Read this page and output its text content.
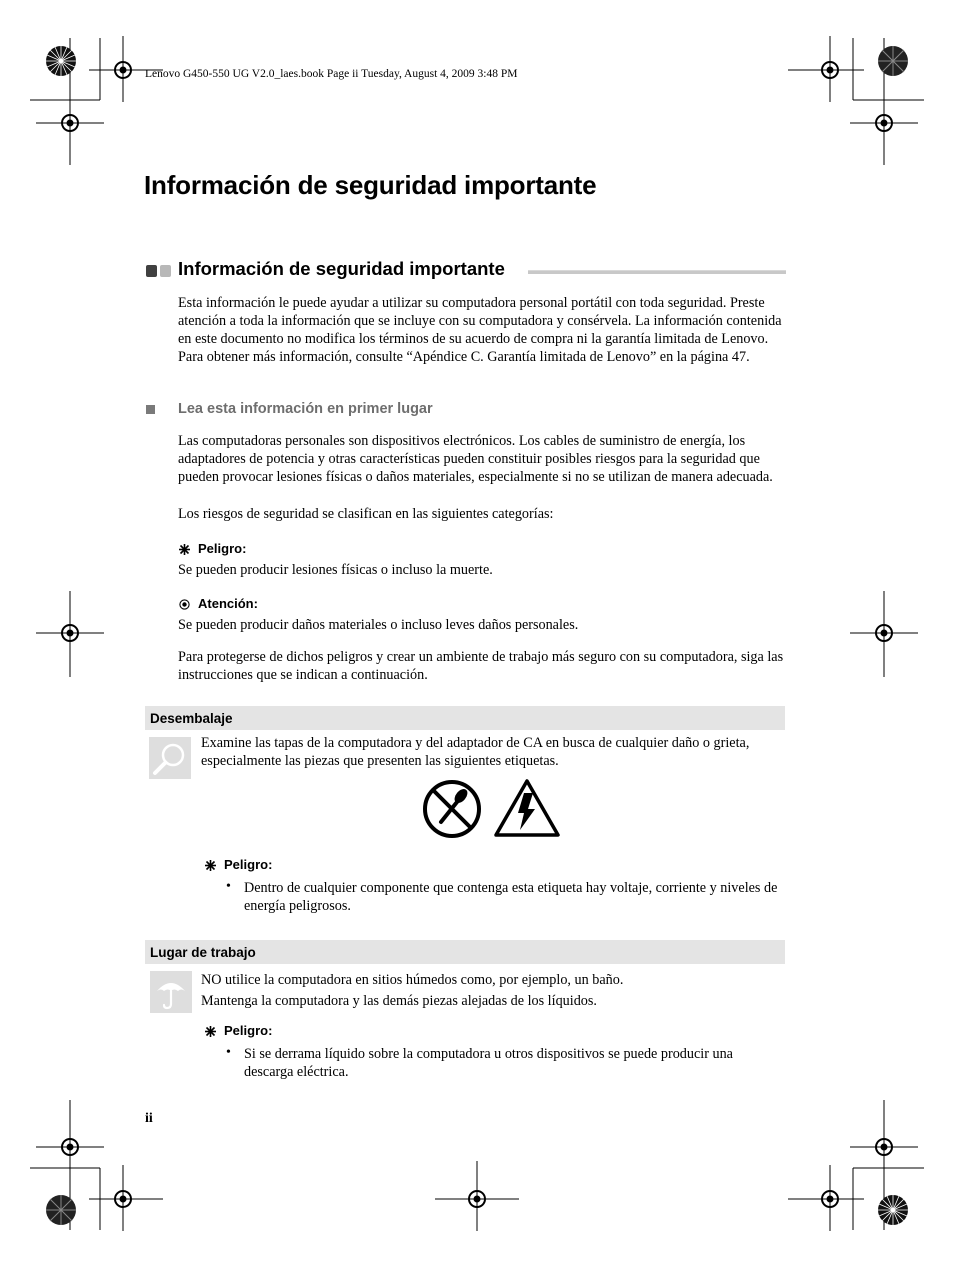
Lenovo G450-550 UG V2.0_laes.book Page ii Tuesday, August 4, 2009 3:48 PM
Información de seguridad importante
Información de seguridad importante
Esta información le puede ayudar a utilizar su computadora personal portátil con toda seguridad. Preste atención a toda la información que se incluye con su computadora y consérvela. La información contenida en este documento no modifica los términos de su acuerdo de compra ni la garantía limitada de Lenovo. Para obtener más información, consulte “Apéndice C. Garantía limitada de Lenovo” en la página 47.
Lea esta información en primer lugar
Las computadoras personales son dispositivos electrónicos. Los cables de suministro de energía, los adaptadores de potencia y otras características pueden constituir posibles riesgos para la seguridad que pueden provocar lesiones físicas o daños materiales, especialmente si no se utilizan de manera adecuada.
Los riesgos de seguridad se clasifican en las siguientes categorías:
Peligro:
Se pueden producir lesiones físicas o incluso la muerte.
Atención:
Se pueden producir daños materiales o incluso leves daños personales.
Para protegerse de dichos peligros y crear un ambiente de trabajo más seguro con su computadora, siga las instrucciones que se indican a continuación.
Desembalaje
Examine las tapas de la computadora y del adaptador de CA en busca de cualquier daño o grieta, especialmente las piezas que presenten las siguientes etiquetas.
Peligro:
• Dentro de cualquier componente que contenga esta etiqueta hay voltaje, corriente y niveles de energía peligrosos.
Lugar de trabajo
NO utilice la computadora en sitios húmedos como, por ejemplo, un baño.
Mantenga la computadora y las demás piezas alejadas de los líquidos.
Peligro:
• Si se derrama líquido sobre la computadora u otros dispositivos se puede producir una descarga eléctrica.
ii
